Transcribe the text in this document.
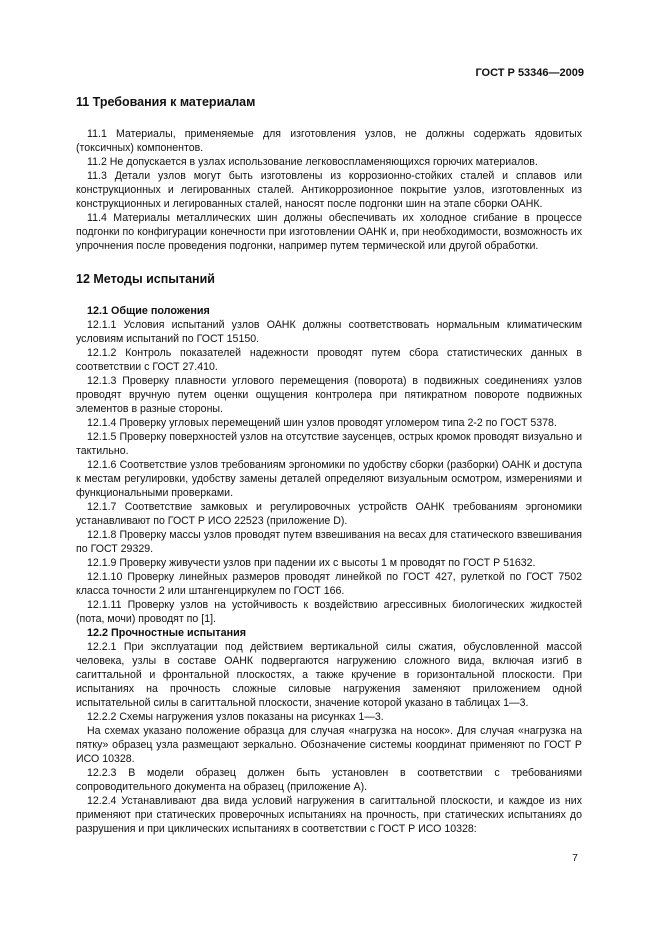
ГОСТ Р 53346—2009
11 Требования к материалам

11.1 Материалы, применяемые для изготовления узлов, не должны содержать ядовитых (токсичных) компонентов.

11.2 Не допускается в узлах использование легковоспламеняющихся горючих материалов.

11.3 Детали узлов могут быть изготовлены из коррозионно-стойких сталей и сплавов или конструкционных и легированных сталей. Антикоррозионное покрытие узлов, изготовленных из конструкционных и легированных сталей, наносят после подгонки шин на этапе сборки ОАНК.

11.4 Материалы металлических шин должны обеспечивать их холодное сгибание в процессе подгонки по конфигурации конечности при изготовлении ОАНК и, при необходимости, возможность их упрочнения после проведения подгонки, например путем термической или другой обработки.

12 Методы испытаний
12.1 Общие положения

12.1.1 Условия испытаний узлов ОАНК должны соответствовать нормальным климатическим условиям испытаний по ГОСТ 15150.

12.1.2 Контроль показателей надежности проводят путем сбора статистических данных в соответствии с ГОСТ 27.410.

12.1.3 Проверку плавности углового перемещения (поворота) в подвижных соединениях узлов проводят вручную путем оценки ощущения контролера при пятикратном повороте подвижных элементов в разные стороны.

12.1.4 Проверку угловых перемещений шин узлов проводят угломером типа 2-2 по ГОСТ 5378.

12.1.5 Проверку поверхностей узлов на отсутствие заусенцев, острых кромок проводят визуально и тактильно.

12.1.6 Соответствие узлов требованиям эргономики по удобству сборки (разборки) ОАНК и доступа к местам регулировки, удобству замены деталей определяют визуальным осмотром, измерениями и функциональными проверками.

12.1.7 Соответствие замковых и регулировочных устройств ОАНК требованиям эргономики устанавливают по ГОСТ Р ИСО 22523 (приложение D).

12.1.8 Проверку массы узлов проводят путем взвешивания на весах для статического взвешивания по ГОСТ 29329.

12.1.9 Проверку живучести узлов при падении их с высоты 1 м проводят по ГОСТ Р 51632.

12.1.10 Проверку линейных размеров проводят линейкой по ГОСТ 427, рулеткой по ГОСТ 7502 класса точности 2 или штангенциркулем по ГОСТ 166.

12.1.11 Проверку узлов на устойчивость к воздействию агрессивных биологических жидкостей (пота, мочи) проводят по [1].

12.2 Прочностные испытания

12.2.1 При эксплуатации под действием вертикальной силы сжатия, обусловленной массой человека, узлы в составе ОАНК подвергаются нагружению сложного вида, включая изгиб в сагиттальной и фронтальной плоскостях, а также кручение в горизонтальной плоскости. При испытаниях на прочность сложные силовые нагружения заменяют приложением одной испытательной силы в сагиттальной плоскости, значение которой указано в таблицах 1—3.

12.2.2 Схемы нагружения узлов показаны на рисунках 1—3.

На схемах указано положение образца для случая «нагрузка на носок». Для случая «нагрузка на пятку» образец узла размещают зеркально. Обозначение системы координат применяют по ГОСТ Р ИСО 10328.

12.2.3 В модели образец должен быть установлен в соответствии с требованиями сопроводительного документа на образец (приложение А).

12.2.4 Устанавливают два вида условий нагружения в сагиттальной плоскости, и каждое из них применяют при статических проверочных испытаниях на прочность, при статических испытаниях до разрушения и при циклических испытаниях в соответствии с ГОСТ Р ИСО 10328:

7
